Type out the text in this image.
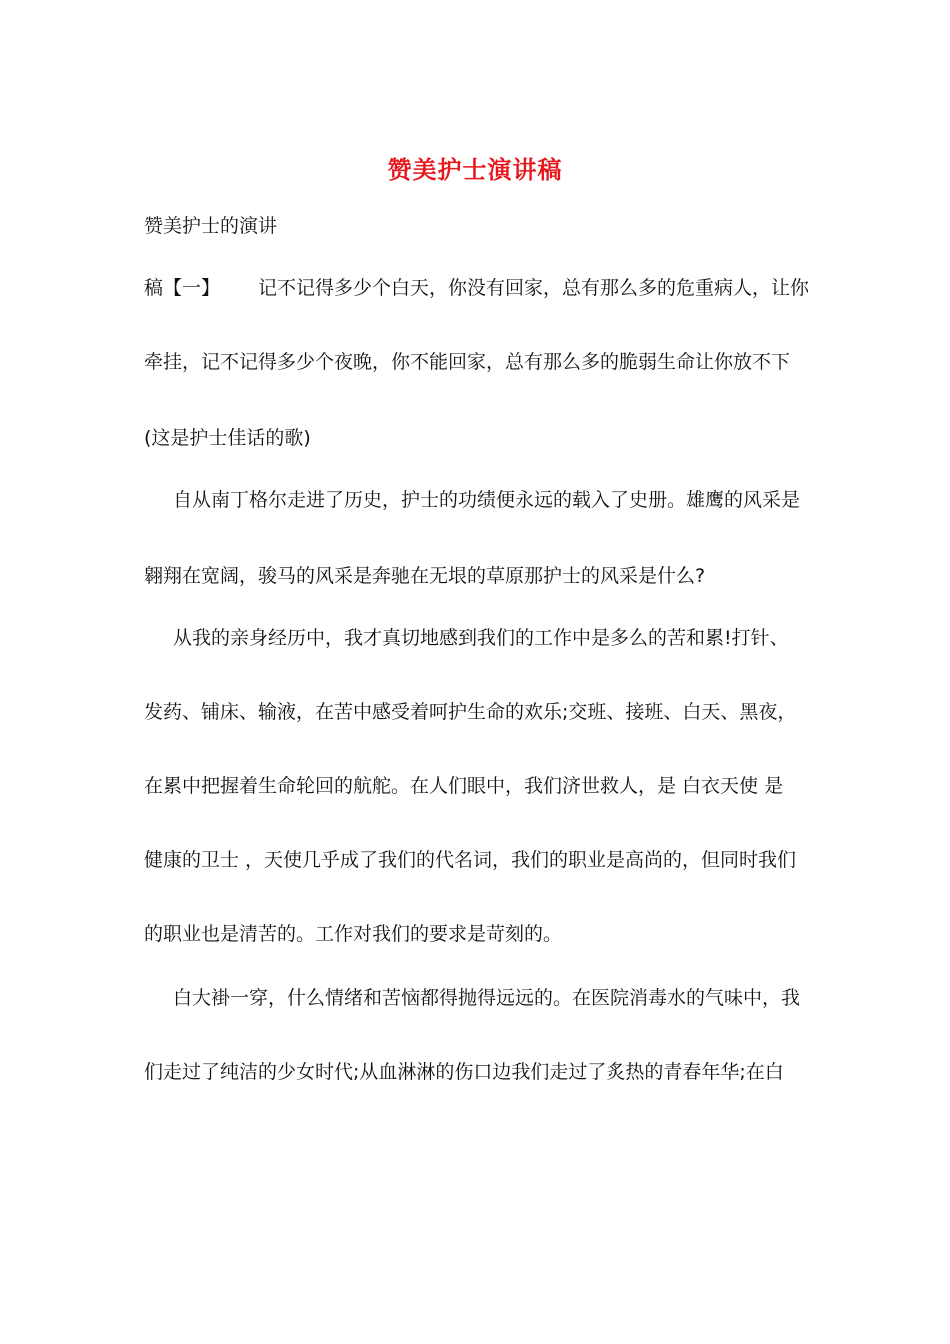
赞美护士演讲稿
赞美护士的演讲
稿【一】 记不记得多少个白天，你没有回家，总有那么多的危重病人，让你
牵挂，记不记得多少个夜晚，你不能回家，总有那么多的脆弱生命让你放不下
(这是护士佳话的歌)
自从南丁格尔走进了历史，护士的功绩便永远的载入了史册。雄鹰的风采是
翱翔在宽阔，骏马的风采是奔驰在无垠的草原那护士的风采是什么?
从我的亲身经历中，我才真切地感到我们的工作中是多么的苦和累!打针、
发药、铺床、输液，在苦中感受着呵护生命的欢乐;交班、接班、白天、黑夜，
在累中把握着生命轮回的航舵。在人们眼中，我们济世救人，是 白衣天使 是
健康的卫士 ，天使几乎成了我们的代名词，我们的职业是高尚的，但同时我们
的职业也是清苦的。工作对我们的要求是苛刻的。
白大褂一穿，什么情绪和苦恼都得抛得远远的。在医院消毒水的气味中，我
们走过了纯洁的少女时代;从血淋淋的伤口边我们走过了炙热的青春年华;在白
